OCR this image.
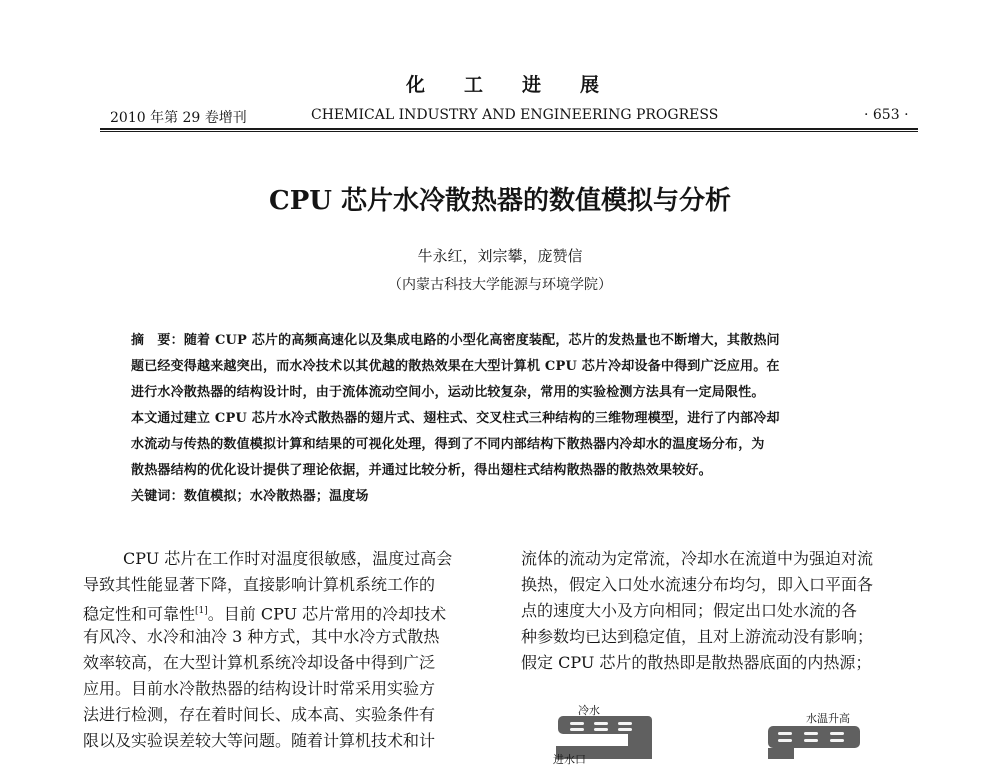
化工进展
2010 年第 29 卷增刊	CHEMICAL INDUSTRY AND ENGINEERING PROGRESS	· 653 ·
CPU 芯片水冷散热器的数值模拟与分析
牛永红，刘宗攀，庞赞信
（内蒙古科技大学能源与环境学院）
摘　要：随着 CUP 芯片的高频高速化以及集成电路的小型化高密度装配，芯片的发热量也不断增大，其散热问
题已经变得越来越突出，而水冷技术以其优越的散热效果在大型计算机 CPU 芯片冷却设备中得到广泛应用。在
进行水冷散热器的结构设计时，由于流体流动空间小，运动比较复杂，常用的实验检测方法具有一定局限性。
本文通过建立 CPU 芯片水冷式散热器的翅片式、翅柱式、交叉柱式三种结构的三维物理模型，进行了内部冷却
水流动与传热的数值模拟计算和结果的可视化处理，得到了不同内部结构下散热器内冷却水的温度场分布，为
散热器结构的优化设计提供了理论依据，并通过比较分析，得出翅柱式结构散热器的散热效果较好。
关键词：数值模拟；水冷散热器；温度场
CPU 芯片在工作时对温度很敏感，温度过高会
导致其性能显著下降，直接影响计算机系统工作的
稳定性和可靠性[1]。目前 CPU 芯片常用的冷却技术
有风冷、水冷和油冷 3 种方式，其中水冷方式散热
效率较高，在大型计算机系统冷却设备中得到广泛
应用。目前水冷散热器的结构设计时常采用实验方
法进行检测，存在着时间长、成本高、实验条件有
限以及实验误差较大等问题。随着计算机技术和计
流体的流动为定常流，冷却水在流道中为强迫对流
换热，假定入口处水流速分布均匀，即入口平面各
点的速度大小及方向相同；假定出口处水流的各
种参数均已达到稳定值，且对上游流动没有影响；
假定 CPU 芯片的散热即是散热器底面的内热源；
冷水
水温升高
进水口
